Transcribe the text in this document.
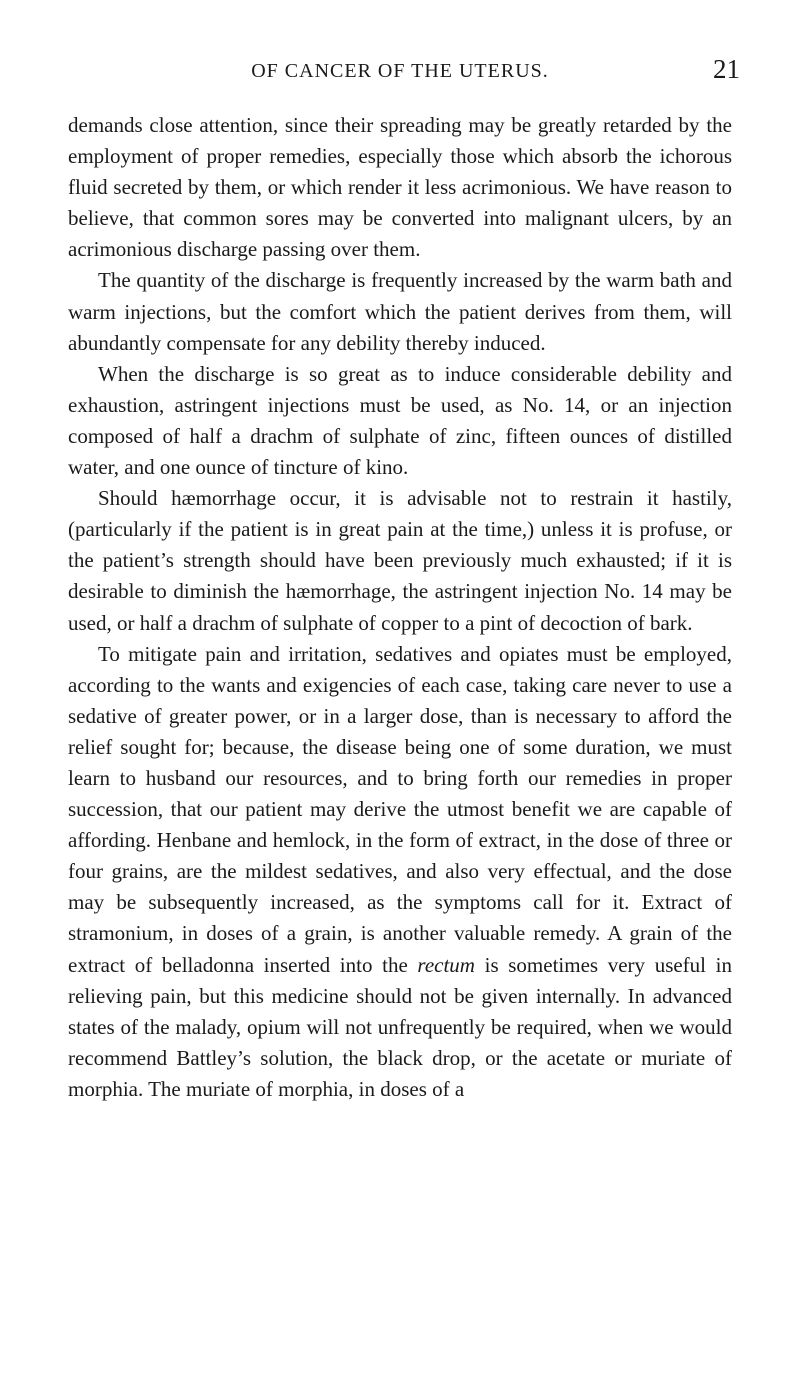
OF CANCER OF THE UTERUS.	21

demands close attention, since their spreading may be greatly retarded by the employment of proper remedies, especially those which absorb the ichorous fluid secreted by them, or which render it less acrimonious. We have reason to believe, that common sores may be converted into malignant ulcers, by an acrimonious discharge passing over them.

The quantity of the discharge is frequently increased by the warm bath and warm injections, but the comfort which the patient derives from them, will abundantly compensate for any debility thereby induced.

When the discharge is so great as to induce considerable debility and exhaustion, astringent injections must be used, as No. 14, or an injection composed of half a drachm of sulphate of zinc, fifteen ounces of distilled water, and one ounce of tincture of kino.

Should hæmorrhage occur, it is advisable not to restrain it hastily, (particularly if the patient is in great pain at the time,) unless it is profuse, or the patient’s strength should have been previously much exhausted; if it is desirable to diminish the hæmorrhage, the astringent injection No. 14 may be used, or half a drachm of sulphate of copper to a pint of decoction of bark.

To mitigate pain and irritation, sedatives and opiates must be employed, according to the wants and exigencies of each case, taking care never to use a sedative of greater power, or in a larger dose, than is necessary to afford the relief sought for; because, the disease being one of some duration, we must learn to husband our resources, and to bring forth our remedies in proper succession, that our patient may derive the utmost benefit we are capable of affording. Henbane and hemlock, in the form of extract, in the dose of three or four grains, are the mildest sedatives, and also very effectual, and the dose may be subsequently increased, as the symptoms call for it. Extract of stramonium, in doses of a grain, is another valuable remedy. A grain of the extract of belladonna inserted into the rectum is sometimes very useful in relieving pain, but this medicine should not be given internally. In advanced states of the malady, opium will not unfrequently be required, when we would recommend Battley’s solution, the black drop, or the acetate or muriate of morphia. The muriate of morphia, in doses of a
